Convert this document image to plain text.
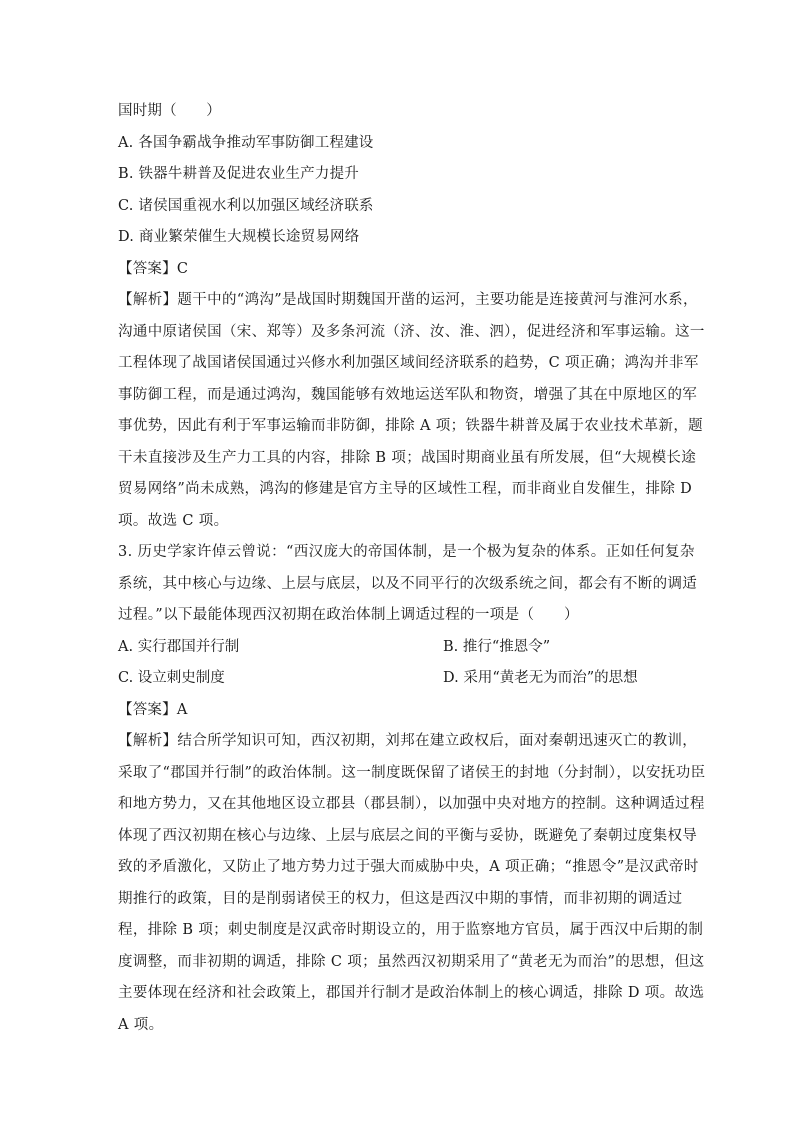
国时期（　　）
A. 各国争霸战争推动军事防御工程建设
B. 铁器牛耕普及促进农业生产力提升
C. 诸侯国重视水利以加强区域经济联系
D. 商业繁荣催生大规模长途贸易网络
【答案】C
【解析】题干中的“鸿沟”是战国时期魏国开凿的运河，主要功能是连接黄河与淮河水系，
沟通中原诸侯国（宋、郑等）及多条河流（济、汝、淮、泗），促进经济和军事运输。这一
工程体现了战国诸侯国通过兴修水利加强区域间经济联系的趋势，C 项正确；鸿沟并非军
事防御工程，而是通过鸿沟，魏国能够有效地运送军队和物资，增强了其在中原地区的军
事优势，因此有利于军事运输而非防御，排除 A 项；铁器牛耕普及属于农业技术革新，题
干未直接涉及生产力工具的内容，排除 B 项；战国时期商业虽有所发展，但“大规模长途
贸易网络”尚未成熟，鸿沟的修建是官方主导的区域性工程，而非商业自发催生，排除 D
项。故选 C 项。
3. 历史学家许倬云曾说：“西汉庞大的帝国体制，是一个极为复杂的体系。正如任何复杂
系统，其中核心与边缘、上层与底层，以及不同平行的次级系统之间，都会有不断的调适
过程。”以下最能体现西汉初期在政治体制上调适过程的一项是（　　）
A. 实行郡国并行制	B. 推行“推恩令”
C. 设立刺史制度	D. 采用“黄老无为而治”的思想
【答案】A
【解析】结合所学知识可知，西汉初期，刘邦在建立政权后，面对秦朝迅速灭亡的教训，
采取了“郡国并行制”的政治体制。这一制度既保留了诸侯王的封地（分封制），以安抚功臣
和地方势力，又在其他地区设立郡县（郡县制），以加强中央对地方的控制。这种调适过程
体现了西汉初期在核心与边缘、上层与底层之间的平衡与妥协，既避免了秦朝过度集权导
致的矛盾激化，又防止了地方势力过于强大而威胁中央，A 项正确；“推恩令”是汉武帝时
期推行的政策，目的是削弱诸侯王的权力，但这是西汉中期的事情，而非初期的调适过
程，排除 B 项；刺史制度是汉武帝时期设立的，用于监察地方官员，属于西汉中后期的制
度调整，而非初期的调适，排除 C 项；虽然西汉初期采用了“黄老无为而治”的思想，但这
主要体现在经济和社会政策上，郡国并行制才是政治体制上的核心调适，排除 D 项。故选
A 项。
